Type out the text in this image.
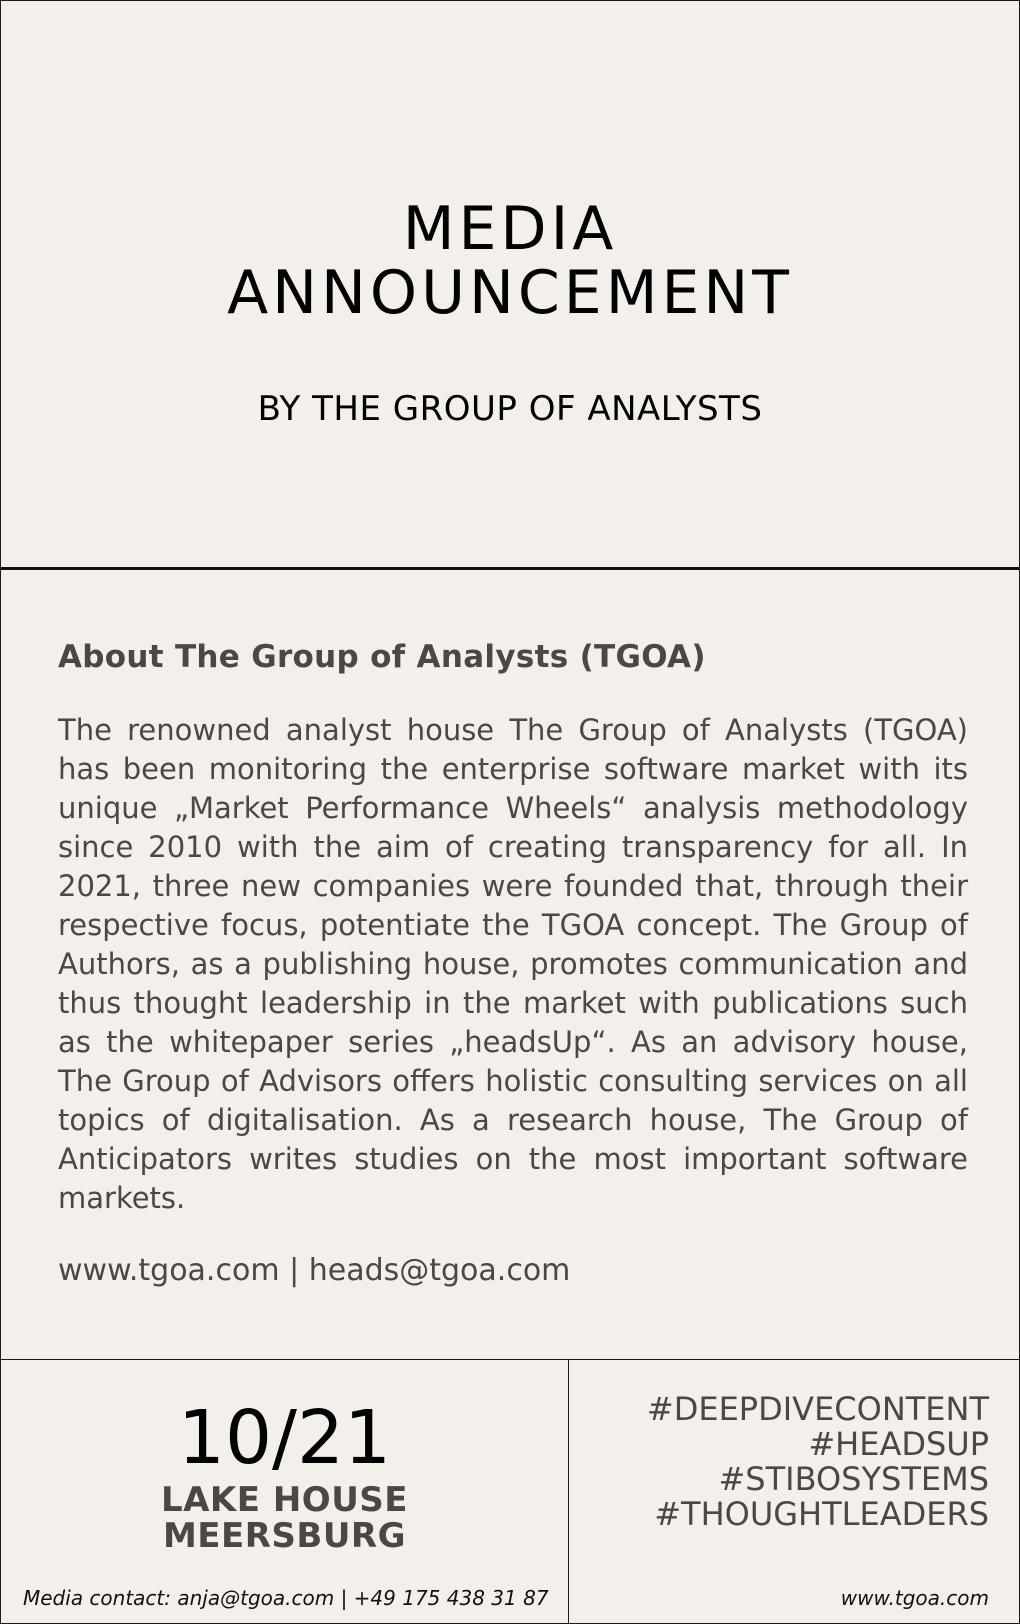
MEDIA
ANNOUNCEMENT
BY THE GROUP OF ANALYSTS
About The Group of Analysts (TGOA)
The renowned analyst house The Group of Analysts (TGOA) has been monitoring the enterprise software market with its unique „Market Performance Wheels“ analysis methodology since 2010 with the aim of creating transparency for all. In 2021, three new companies were founded that, through their respective focus, potentiate the TGOA concept. The Group of Authors, as a publishing house, promotes communication and thus thought leadership in the market with publications such as the whitepaper series „headsUp“. As an advisory house, The Group of Advisors offers holistic consulting services on all topics of digitalisation. As a research house, The Group of Anticipators writes studies on the most important software markets.
www.tgoa.com | heads@tgoa.com
10/21
LAKE HOUSE
MEERSBURG
Media contact: anja@tgoa.com | +49 175 438 31 87
#DEEPDIVECONTENT
#HEADSUP
#STIBOSYSTEMS
#THOUGHTLEADERS
www.tgoa.com
